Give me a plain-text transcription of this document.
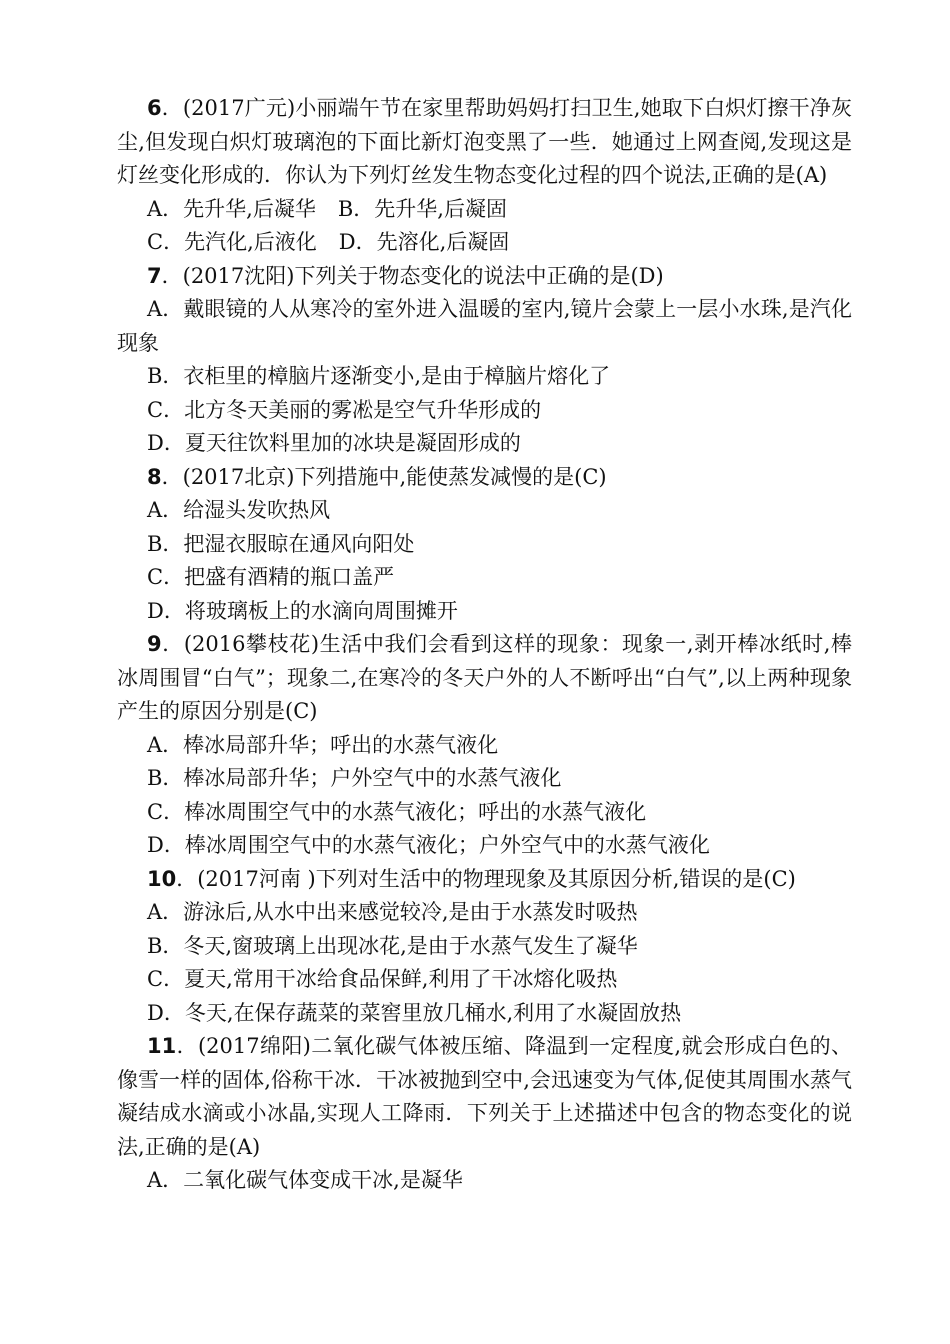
6．(2017广元)小丽端午节在家里帮助妈妈打扫卫生,她取下白炽灯擦干净灰尘,但发现白炽灯玻璃泡的下面比新灯泡变黑了一些．她通过上网查阅,发现这是灯丝变化形成的．你认为下列灯丝发生物态变化过程的四个说法,正确的是(A)

A．先升华,后凝华 B．先升华,后凝固

C．先汽化,后液化 D．先溶化,后凝固

7．(2017沈阳)下列关于物态变化的说法中正确的是(D)

A．戴眼镜的人从寒冷的室外进入温暖的室内,镜片会蒙上一层小水珠,是汽化现象

B．衣柜里的樟脑片逐渐变小,是由于樟脑片熔化了

C．北方冬天美丽的雾凇是空气升华形成的

D．夏天往饮料里加的冰块是凝固形成的

8．(2017北京)下列措施中,能使蒸发减慢的是(C)

A．给湿头发吹热风

B．把湿衣服晾在通风向阳处

C．把盛有酒精的瓶口盖严

D．将玻璃板上的水滴向周围摊开

9．(2016攀枝花)生活中我们会看到这样的现象：现象一,剥开棒冰纸时,棒冰周围冒“白气”；现象二,在寒冷的冬天户外的人不断呼出“白气”,以上两种现象产生的原因分别是(C)

A．棒冰局部升华；呼出的水蒸气液化

B．棒冰局部升华；户外空气中的水蒸气液化

C．棒冰周围空气中的水蒸气液化；呼出的水蒸气液化

D．棒冰周围空气中的水蒸气液化；户外空气中的水蒸气液化

10．(2017河南 )下列对生活中的物理现象及其原因分析,错误的是(C)

A．游泳后,从水中出来感觉较冷,是由于水蒸发时吸热

B．冬天,窗玻璃上出现冰花,是由于水蒸气发生了凝华

C．夏天,常用干冰给食品保鲜,利用了干冰熔化吸热

D．冬天,在保存蔬菜的菜窖里放几桶水,利用了水凝固放热

11．(2017绵阳)二氧化碳气体被压缩、降温到一定程度,就会形成白色的、像雪一样的固体,俗称干冰．干冰被抛到空中,会迅速变为气体,促使其周围水蒸气凝结成水滴或小冰晶,实现人工降雨．下列关于上述描述中包含的物态变化的说法,正确的是(A)

A．二氧化碳气体变成干冰,是凝华
